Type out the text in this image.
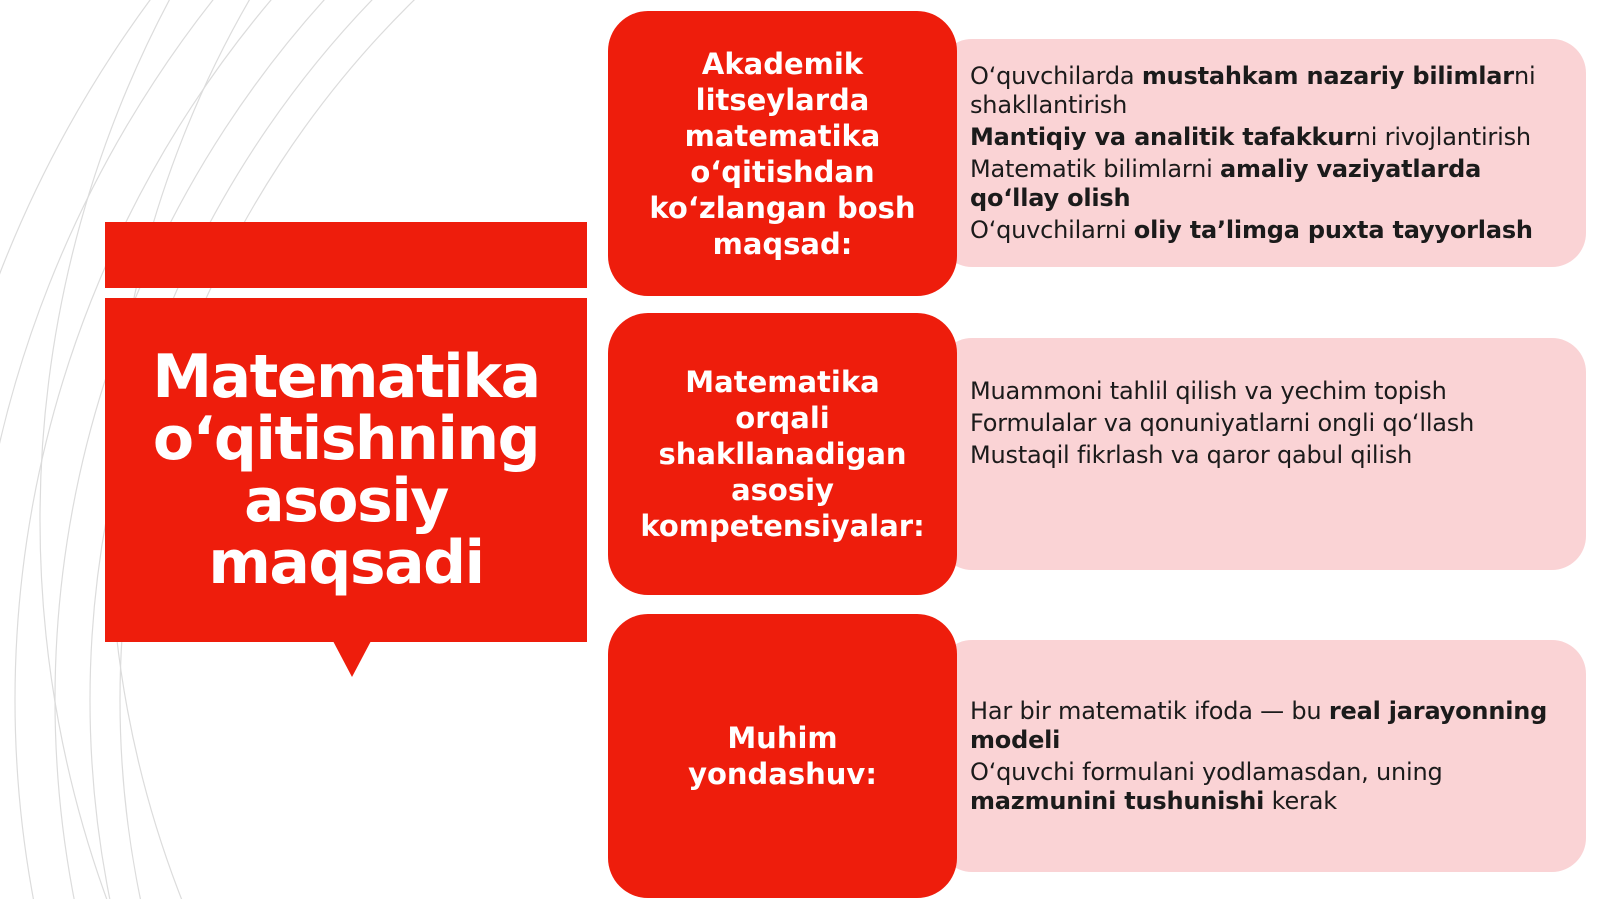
Matematika
o‘qitishning
asosiy
maqsadi

• O‘quvchilarda mustahkam nazariy bilimlarni shakllantirish
• Mantiqiy va analitik tafakkurni rivojlantirish
• Matematik bilimlarni amaliy vaziyatlarda qo‘llay olish
• O‘quvchilarni oliy ta’limga puxta tayyorlash

Akademik
litseylarda
matematika
o‘qitishdan
ko‘zlangan bosh
maqsad:

• Muammoni tahlil qilish va yechim topish
• Formulalar va qonuniyatlarni ongli qo‘llash
• Mustaqil fikrlash va qaror qabul qilish

Matematika
orqali
shakllanadigan
asosiy
kompetensiyalar:

• Har bir matematik ifoda — bu real jarayonning modeli
• O‘quvchi formulani yodlamasdan, uning mazmunini tushunishi kerak

Muhim
yondashuv:
